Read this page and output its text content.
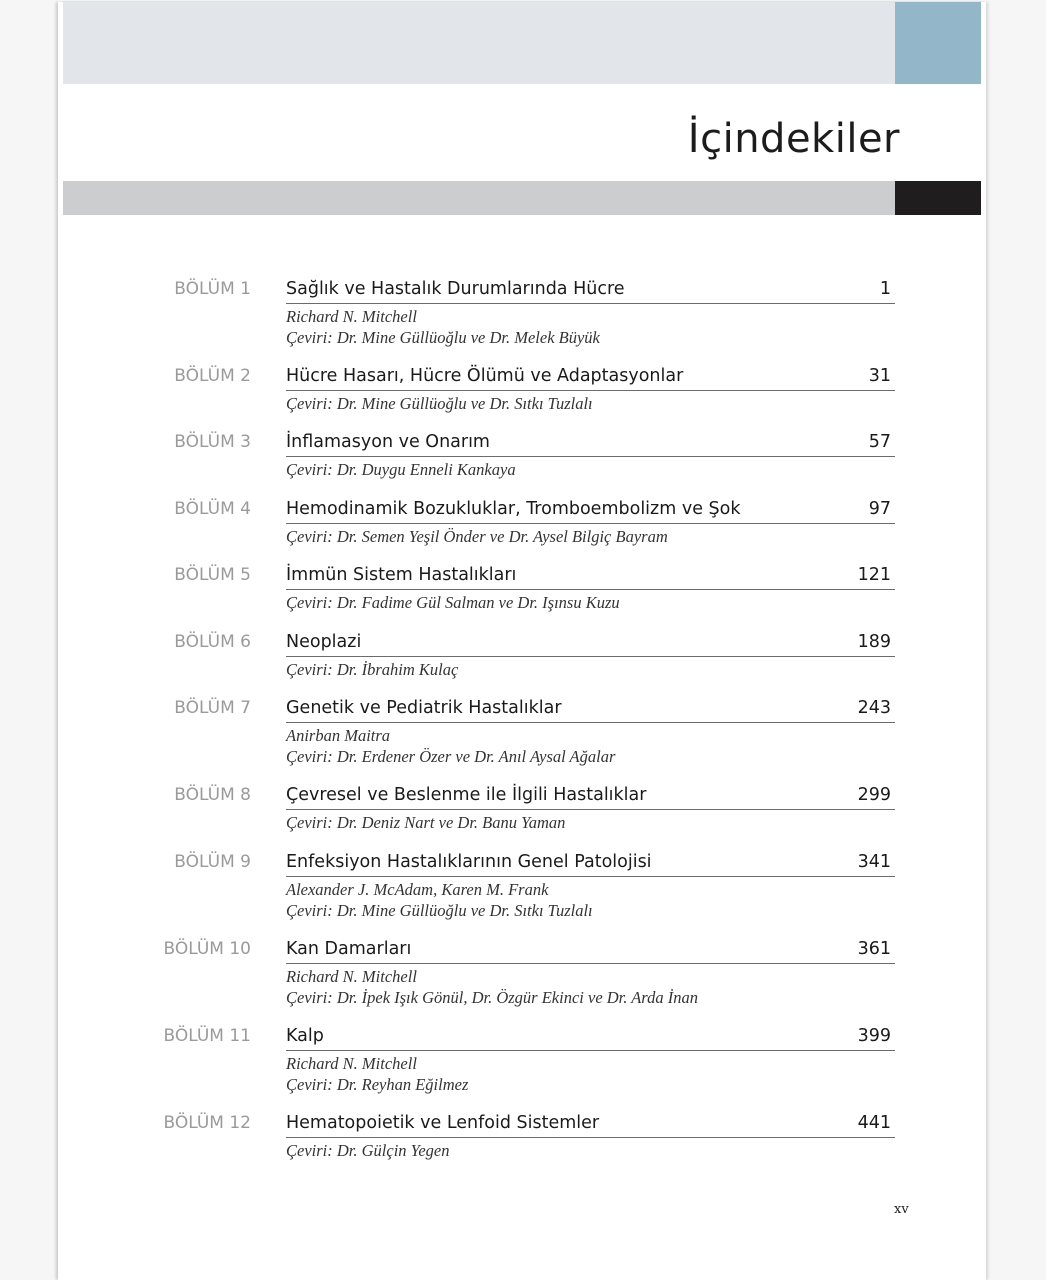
İçindekiler
BÖLÜM 1 Sağlık ve Hastalık Durumlarında Hücre	1
Richard N. Mitchell
Çeviri: Dr. Mine Güllüoğlu ve Dr. Melek Büyük
BÖLÜM 2 Hücre Hasarı, Hücre Ölümü ve Adaptasyonlar	31
Çeviri: Dr. Mine Güllüoğlu ve Dr. Sıtkı Tuzlalı
BÖLÜM 3 İnflamasyon ve Onarım	57
Çeviri: Dr. Duygu Enneli Kankaya
BÖLÜM 4 Hemodinamik Bozukluklar, Tromboembolizm ve Şok	97
Çeviri: Dr. Semen Yeşil Önder ve Dr. Aysel Bilgiç Bayram
BÖLÜM 5 İmmün Sistem Hastalıkları	121
Çeviri: Dr. Fadime Gül Salman ve Dr. Işınsu Kuzu
BÖLÜM 6 Neoplazi	189
Çeviri: Dr. İbrahim Kulaç
BÖLÜM 7 Genetik ve Pediatrik Hastalıklar	243
Anirban Maitra
Çeviri: Dr. Erdener Özer ve Dr. Anıl Aysal Ağalar
BÖLÜM 8 Çevresel ve Beslenme ile İlgili Hastalıklar	299
Çeviri: Dr. Deniz Nart ve Dr. Banu Yaman
BÖLÜM 9 Enfeksiyon Hastalıklarının Genel Patolojisi	341
Alexander J. McAdam, Karen M. Frank
Çeviri: Dr. Mine Güllüoğlu ve Dr. Sıtkı Tuzlalı
BÖLÜM 10 Kan Damarları	361
Richard N. Mitchell
Çeviri: Dr. İpek Işık Gönül, Dr. Özgür Ekinci ve Dr. Arda İnan
BÖLÜM 11 Kalp	399
Richard N. Mitchell
Çeviri: Dr. Reyhan Eğilmez
BÖLÜM 12 Hematopoietik ve Lenfoid Sistemler	441
Çeviri: Dr. Gülçin Yegen
xv
